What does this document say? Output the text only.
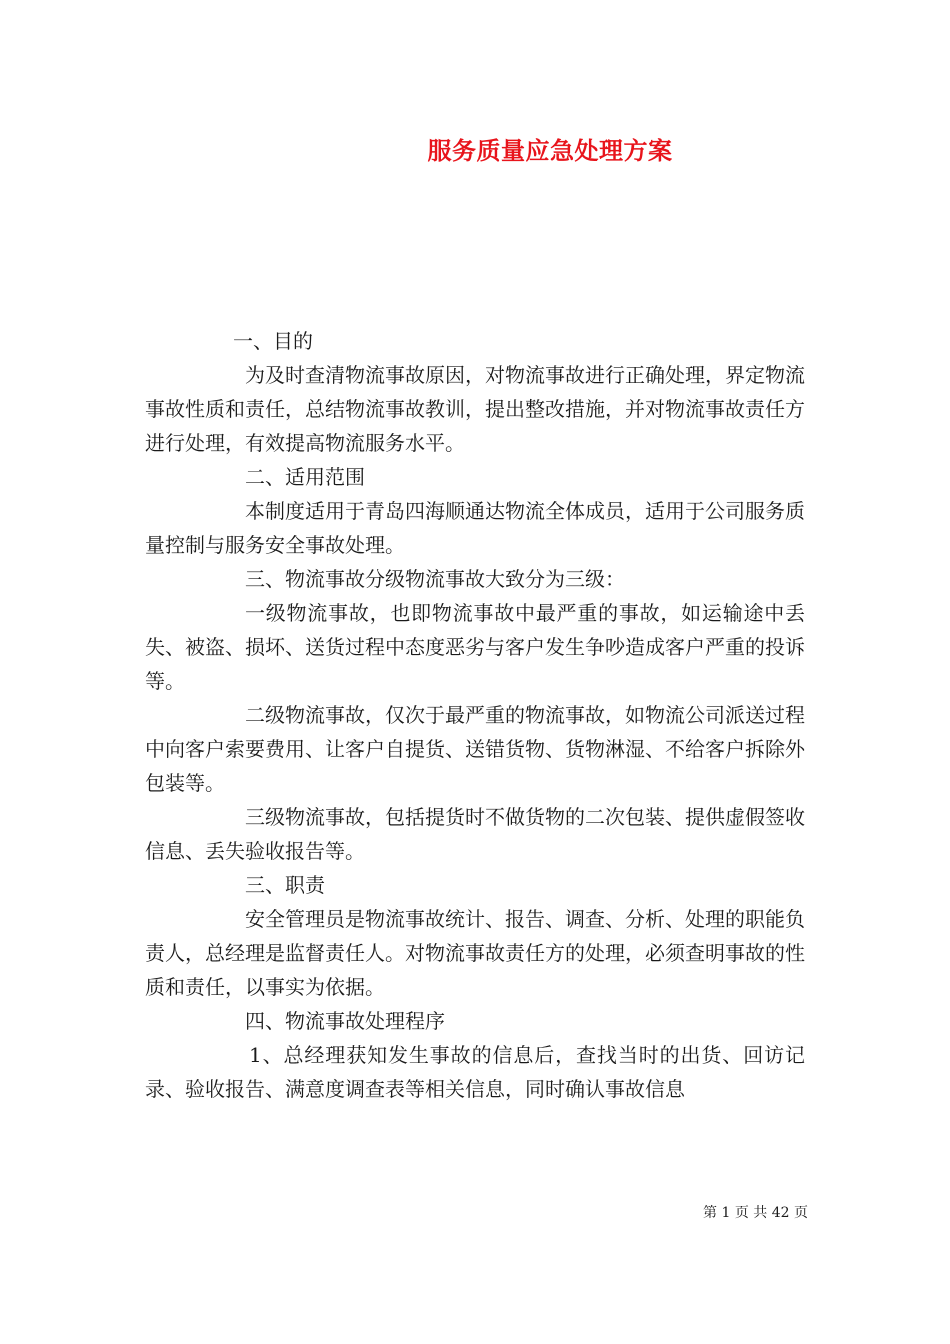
服务质量应急处理方案

一、目的

为及时查清物流事故原因，对物流事故进行正确处理，界定物流事故性质和责任，总结物流事故教训，提出整改措施，并对物流事故责任方进行处理，有效提高物流服务水平。

二、适用范围

本制度适用于青岛四海顺通达物流全体成员，适用于公司服务质量控制与服务安全事故处理。

三、物流事故分级物流事故大致分为三级：

一级物流事故，也即物流事故中最严重的事故，如运输途中丢失、被盗、损坏、送货过程中态度恶劣与客户发生争吵造成客户严重的投诉等。

二级物流事故，仅次于最严重的物流事故，如物流公司派送过程中向客户索要费用、让客户自提货、送错货物、货物淋湿、不给客户拆除外包装等。

三级物流事故，包括提货时不做货物的二次包装、提供虚假签收信息、丢失验收报告等。

三、职责

安全管理员是物流事故统计、报告、调查、分析、处理的职能负责人，总经理是监督责任人。对物流事故责任方的处理，必须查明事故的性质和责任，以事实为依据。

四、物流事故处理程序

1、总经理获知发生事故的信息后，查找当时的出货、回访记录、验收报告、满意度调查表等相关信息，同时确认事故信息

第 1 页 共 42 页
